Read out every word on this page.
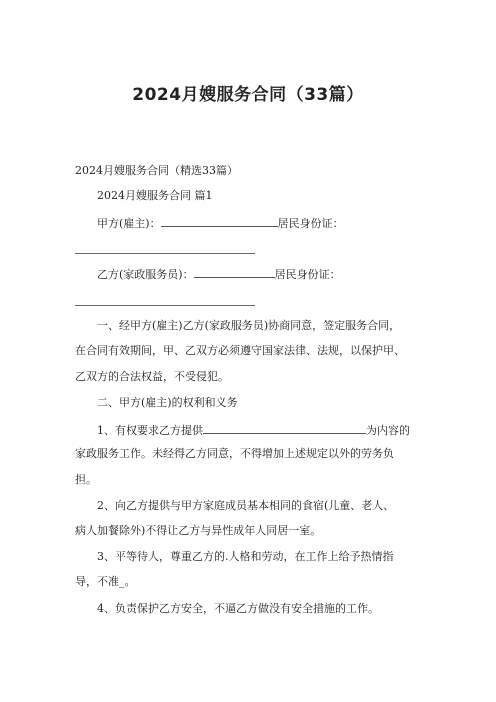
2024月嫂服务合同（33篇）
2024月嫂服务合同（精选33篇）
2024月嫂服务合同 篇1
甲方(雇主)：	居民身份证：
乙方(家政服务员)：	居民身份证：
一、经甲方(雇主)乙方(家政服务员)协商同意，签定服务合同，
在合同有效期间，甲、乙双方必须遵守国家法律、法规，以保护甲、
乙双方的合法权益，不受侵犯。
二、甲方(雇主)的权利和义务
1、有权要求乙方提供	为内容的
家政服务工作。未经得乙方同意，不得增加上述规定以外的劳务负
担。
2、向乙方提供与甲方家庭成员基本相同的食宿(儿童、老人、
病人加餐除外)不得让乙方与异性成年人同居一室。
3、平等待人，尊重乙方的.人格和劳动，在工作上给予热情指
导，不准_。
4、负责保护乙方安全，不逼乙方做没有安全措施的工作。
